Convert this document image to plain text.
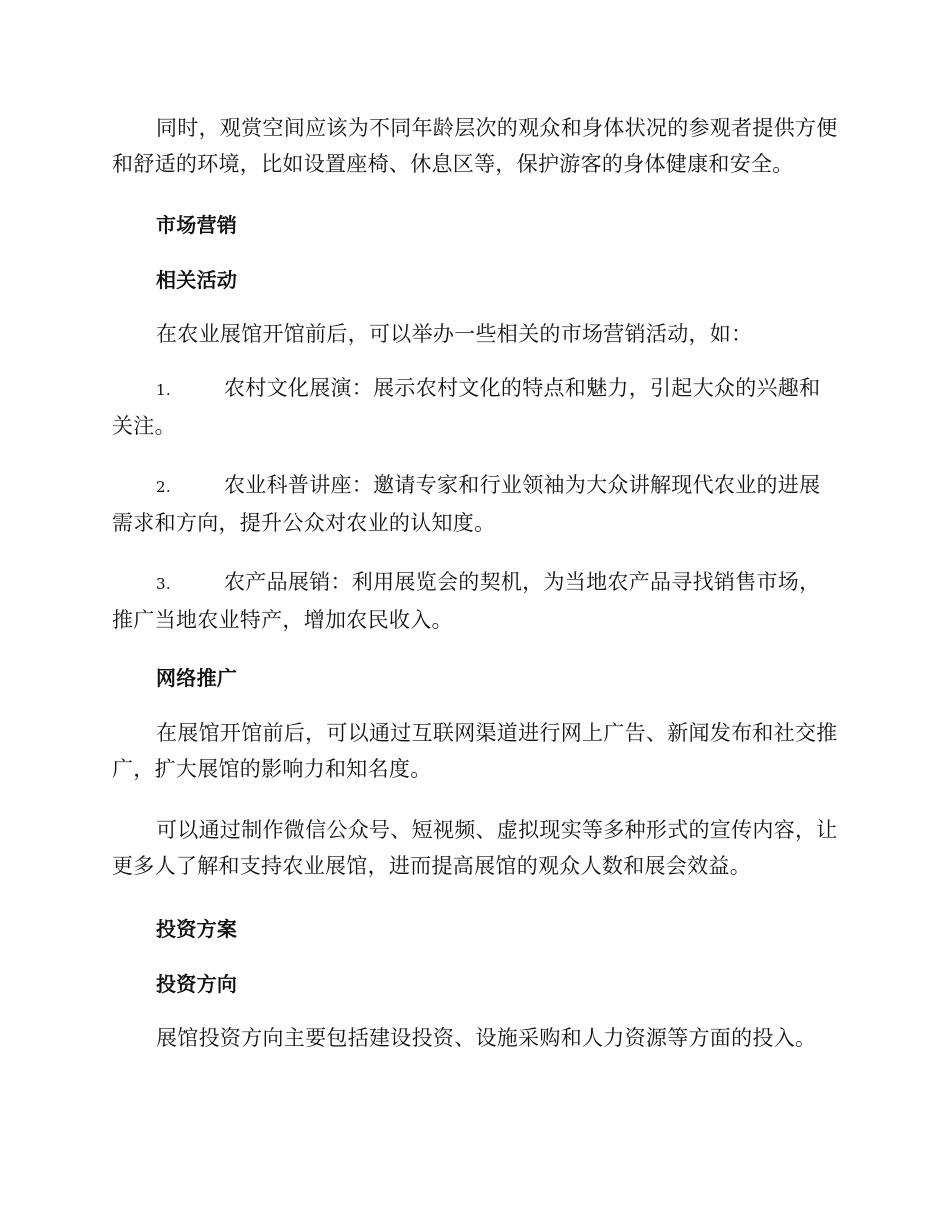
同时，观赏空间应该为不同年龄层次的观众和身体状况的参观者提供方便和舒适的环境，比如设置座椅、休息区等，保护游客的身体健康和安全。

市场营销
相关活动

在农业展馆开馆前后，可以举办一些相关的市场营销活动，如：

1.	农村文化展演：展示农村文化的特点和魅力，引起大众的兴趣和关注。
2.	农业科普讲座：邀请专家和行业领袖为大众讲解现代农业的进展需求和方向，提升公众对农业的认知度。
3.	农产品展销：利用展览会的契机，为当地农产品寻找销售市场，推广当地农业特产，增加农民收入。
网络推广

在展馆开馆前后，可以通过互联网渠道进行网上广告、新闻发布和社交推广，扩大展馆的影响力和知名度。

可以通过制作微信公众号、短视频、虚拟现实等多种形式的宣传内容，让更多人了解和支持农业展馆，进而提高展馆的观众人数和展会效益。

投资方案
投资方向

展馆投资方向主要包括建设投资、设施采购和人力资源等方面的投入。
